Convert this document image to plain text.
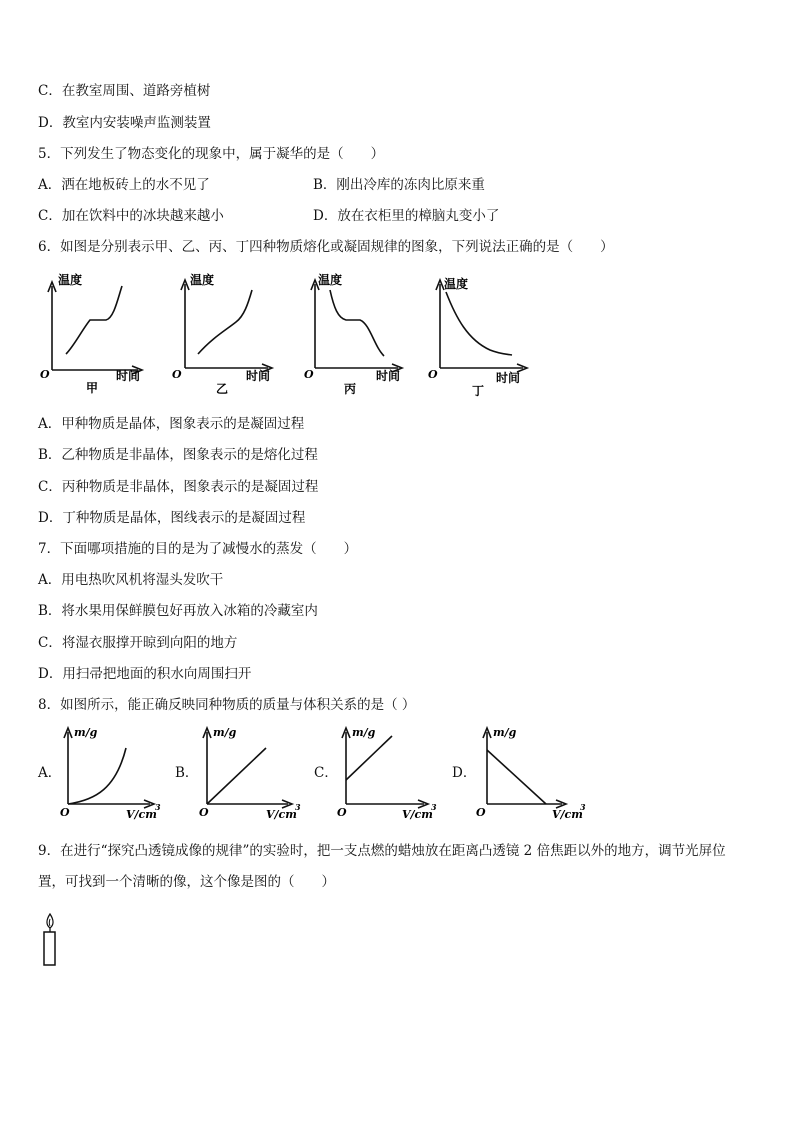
C．在教室周围、道路旁植树
D．教室内安装噪声监测装置
5．下列发生了物态变化的现象中，属于凝华的是（　　）
A．洒在地板砖上的水不见了	B．刚出冷库的冻肉比原来重
C．加在饮料中的冰块越来越小	D．放在衣柜里的樟脑丸变小了
6．如图是分别表示甲、乙、丙、丁四种物质熔化或凝固规律的图象，下列说法正确的是（　　）
温度
O	时间
甲
温度
O	时间
乙
温度
O	时间
丙
温度
O	时间
丁
A．甲种物质是晶体，图象表示的是凝固过程
B．乙种物质是非晶体，图象表示的是熔化过程
C．丙种物质是非晶体，图象表示的是凝固过程
D．丁种物质是晶体，图线表示的是凝固过程
7．下面哪项措施的目的是为了减慢水的蒸发（　　）
A．用电热吹风机将湿头发吹干
B．将水果用保鲜膜包好再放入冰箱的冷藏室内
C．将湿衣服撑开晾到向阳的地方
D．用扫帚把地面的积水向周围扫开
8．如图所示，能正确反映同种物质的质量与体积关系的是（ ）
A．	B．	C．	D．
m/g
O	V/cm
3
m/g
O	V/cm
3
m/g
O	V/cm
3
m/g
O	V/cm
3
9．在进行“探究凸透镜成像的规律”的实验时，把一支点燃的蜡烛放在距离凸透镜 2 倍焦距以外的地方，调节光屏位
置，可找到一个清晰的像，这个像是图的（　　）
